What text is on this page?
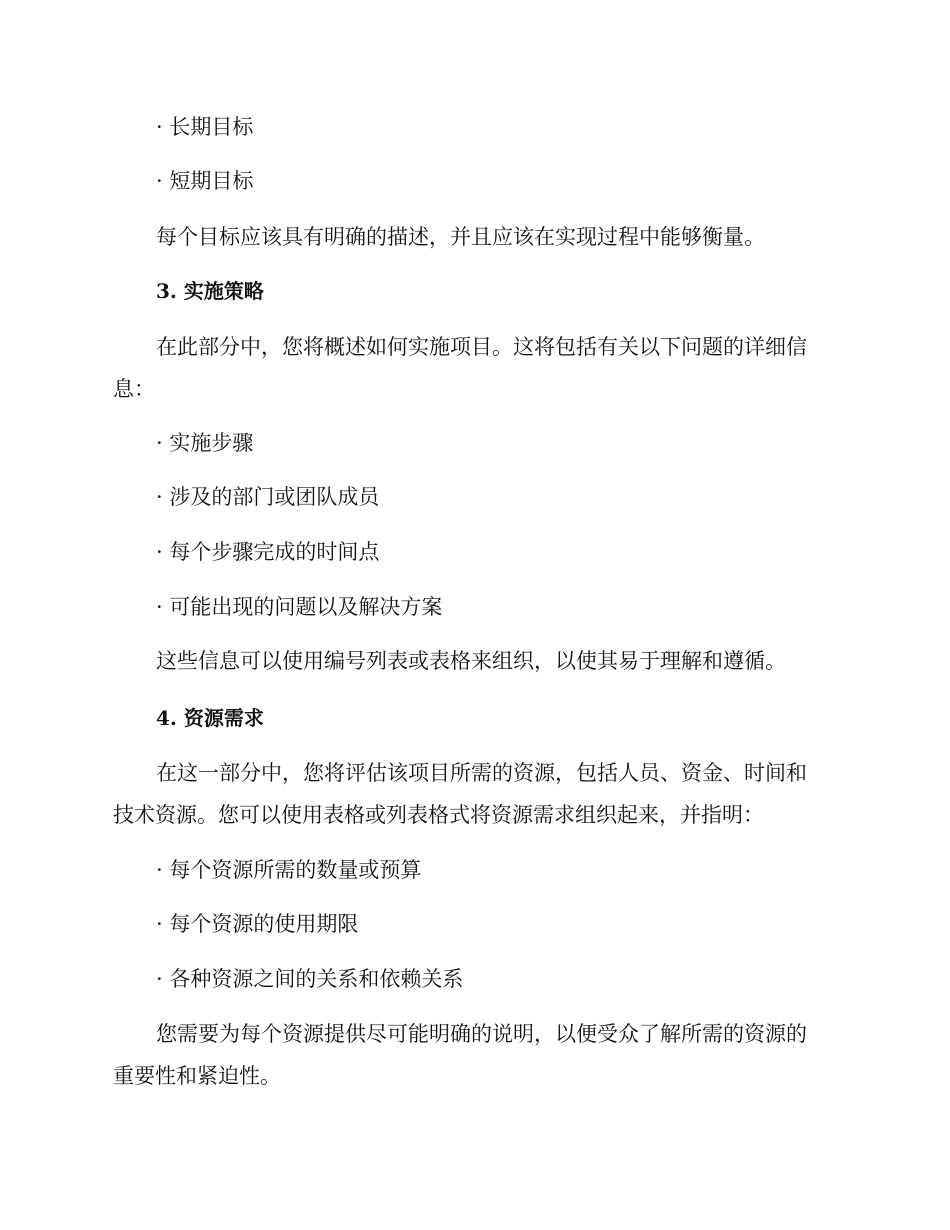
· 长期目标
· 短期目标
每个目标应该具有明确的描述，并且应该在实现过程中能够衡量。
3. 实施策略
在此部分中，您将概述如何实施项目。这将包括有关以下问题的详细信
息：
· 实施步骤
· 涉及的部门或团队成员
· 每个步骤完成的时间点
· 可能出现的问题以及解决方案
这些信息可以使用编号列表或表格来组织，以使其易于理解和遵循。
4. 资源需求
在这一部分中，您将评估该项目所需的资源，包括人员、资金、时间和
技术资源。您可以使用表格或列表格式将资源需求组织起来，并指明：
· 每个资源所需的数量或预算
· 每个资源的使用期限
· 各种资源之间的关系和依赖关系
您需要为每个资源提供尽可能明确的说明，以便受众了解所需的资源的
重要性和紧迫性。
